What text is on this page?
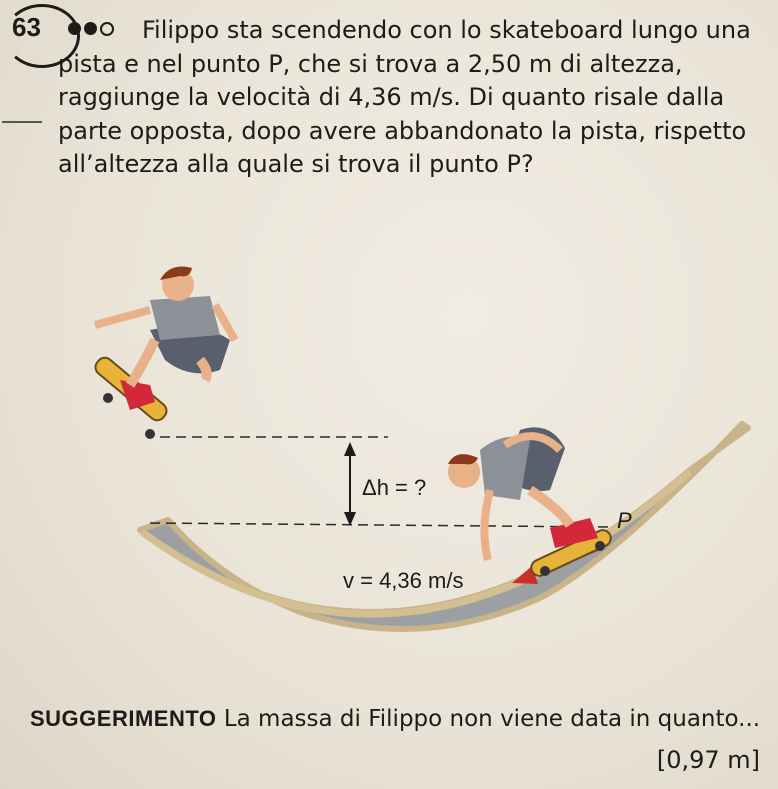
63	Filippo sta scendendo con lo skateboard lungo una pista e nel punto P, che si trova a 2,50 m di altezza, raggiunge la velocità di 4,36 m/s. Di quanto risale dalla parte opposta, dopo avere abbandonato la pista, rispetto all’altezza alla quale si trova il punto P?

Δh = ?
v = 4,36 m/s
P

SUGGERIMENTO La massa di Filippo non viene data in quanto...

[0,97 m]
